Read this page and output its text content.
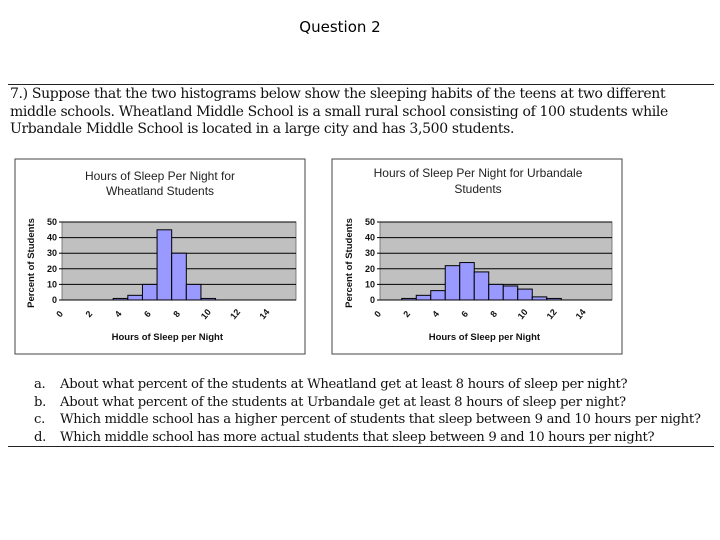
Question 2
7.) Suppose that the two histograms below show the sleeping habits of the teens at two different middle schools. Wheatland Middle School is a small rural school consisting of 100 students while Urbandale Middle School is located in a large city and has 3,500 students.
Hours of Sleep Per Night for
Wheatland Students
0
10
20
30
40
50
0 2 4 6 8 10 12 14
Hours of Sleep per Night
Percent of Students
Hours of Sleep Per Night for Urbandale
Students
0
10
20
30
40
50
0 2 4 6 8 10 12 14
Hours of Sleep per Night
Percent of Students
a. About what percent of the students at Wheatland get at least 8 hours of sleep per night?
b. About what percent of the students at Urbandale get at least 8 hours of sleep per night?
c. Which middle school has a higher percent of students that sleep between 9 and 10 hours per night?
d. Which middle school has more actual students that sleep between 9 and 10 hours per night?
